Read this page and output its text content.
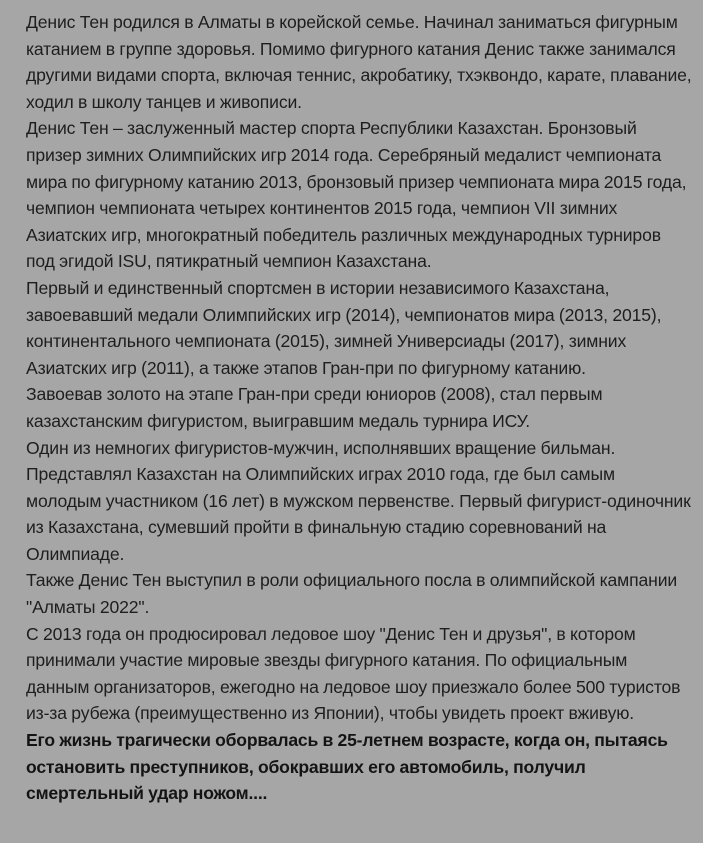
Денис Тен родился в Алматы в корейской семье. Начинал заниматься фигурным катанием в группе здоровья. Помимо фигурного катания Денис также занимался другими видами спорта, включая теннис, акробатику, тхэквондо, карате, плавание, ходил в школу танцев и живописи.

Денис Тен – заслуженный мастер спорта Республики Казахстан. Бронзовый призер зимних Олимпийских игр 2014 года. Серебряный медалист чемпионата мира по фигурному катанию 2013, бронзовый призер чемпионата мира 2015 года, чемпион чемпионата четырех континентов 2015 года, чемпион VII зимних Азиатских игр, многократный победитель различных международных турниров под эгидой ISU, пятикратный чемпион Казахстана.

Первый и единственный спортсмен в истории независимого Казахстана, завоевавший медали Олимпийских игр (2014), чемпионатов мира (2013, 2015), континентального чемпионата (2015), зимней Универсиады (2017), зимних Азиатских игр (2011), а также этапов Гран-при по фигурному катанию.

Завоевав золото на этапе Гран-при среди юниоров (2008), стал первым казахстанским фигуристом, выигравшим медаль турнира ИСУ.

Один из немногих фигуристов-мужчин, исполнявших вращение бильман.

Представлял Казахстан на Олимпийских играх 2010 года, где был самым молодым участником (16 лет) в мужском первенстве. Первый фигурист-одиночник из Казахстана, сумевший пройти в финальную стадию соревнований на Олимпиаде.

Также Денис Тен выступил в роли официального посла в олимпийской кампании "Алматы 2022".

С 2013 года он продюсировал ледовое шоу "Денис Тен и друзья", в котором принимали участие мировые звезды фигурного катания. По официальным данным организаторов, ежегодно на ледовое шоу приезжало более 500 туристов из-за рубежа (преимущественно из Японии), чтобы увидеть проект вживую.

Его жизнь трагически оборвалась в 25-летнем возрасте, когда он, пытаясь остановить преступников, обокравших его автомобиль, получил смертельный удар ножом....
